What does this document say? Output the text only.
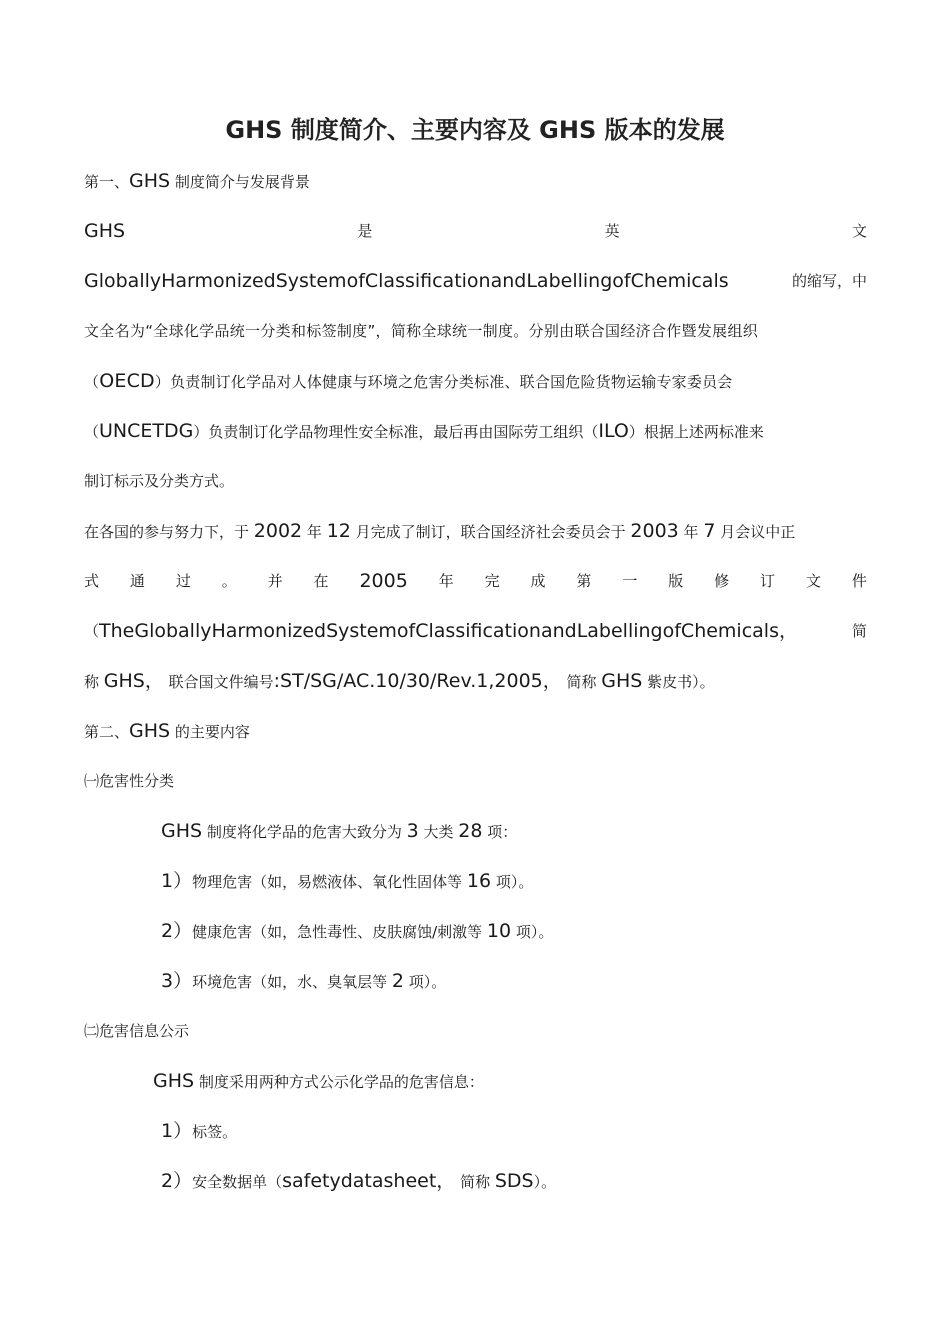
GHS 制度简介、主要内容及 GHS 版本的发展
第一、GHS 制度简介与发展背景
GHS	是	英	文
GloballyHarmonizedSystemofClassificationandLabellingofChemicals	的缩写，中
文全名为“全球化学品统一分类和标签制度”，简称全球统一制度。分别由联合国经济合作暨发展组织
（OECD）负责制订化学品对人体健康与环境之危害分类标准、联合国危险货物运输专家委员会
（UNCETDG）负责制订化学品物理性安全标准，最后再由国际劳工组织（ILO）根据上述两标准来
制订标示及分类方式。
在各国的参与努力下，于 2002 年 12 月完成了制订，联合国经济社会委员会于 2003 年 7 月会议中正
式 通 过 。 并 在 2005 年 完 成 第 一 版 修 订 文 件
（ TheGloballyHarmonizedSystemofClassificationandLabellingofChemicals，	简
称 GHS， 联合国文件编号:ST/SG/AC.10/30/Rev.1,2005， 简称 GHS 紫皮书）。
第二、GHS 的主要内容
㈠危害性分类
GHS 制度将化学品的危害大致分为 3 大类 28 项：
1）物理危害（如，易燃液体、氧化性固体等 16 项）。
2）健康危害（如，急性毒性、皮肤腐蚀/刺激等 10 项）。
3）环境危害（如，水、臭氧层等 2 项）。
㈡危害信息公示
GHS 制度采用两种方式公示化学品的危害信息：
1）标签。
2）安全数据单（safetydatasheet， 简称 SDS）。
